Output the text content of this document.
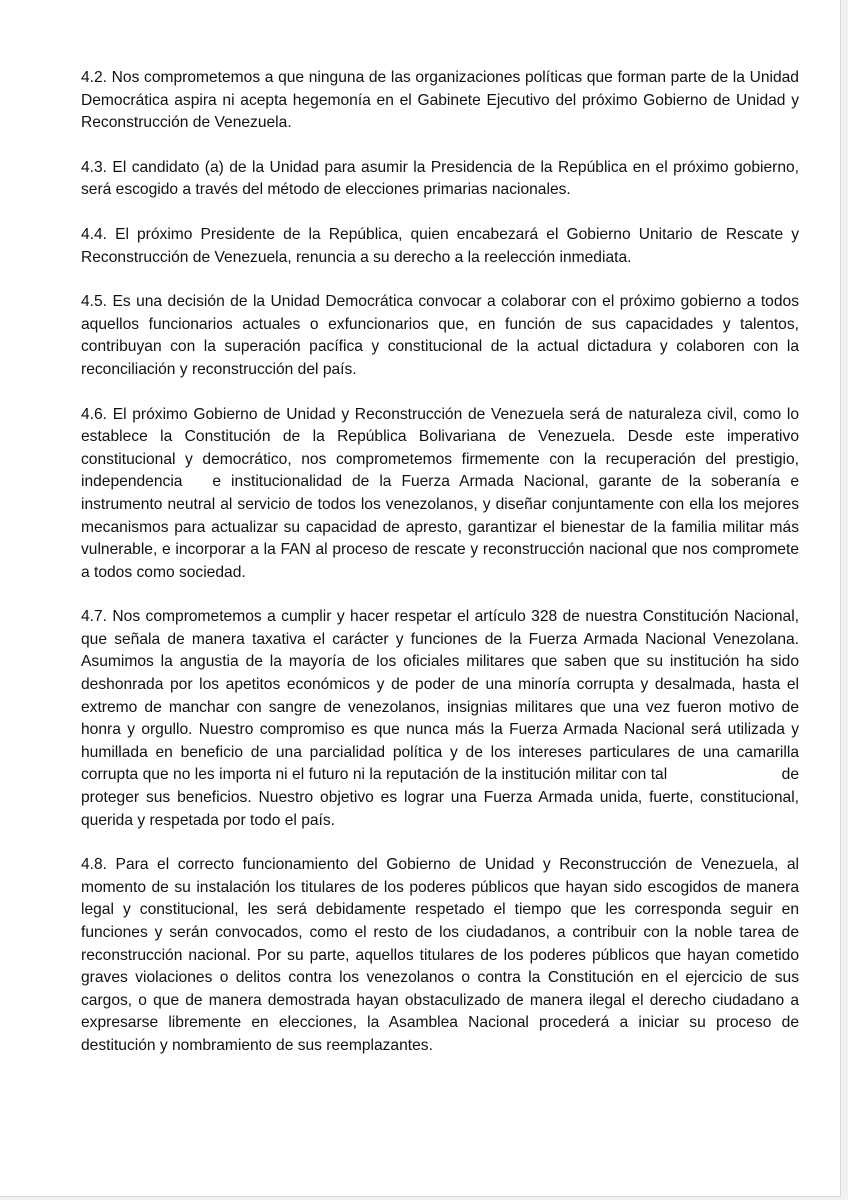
4.2. Nos comprometemos a que ninguna de las organizaciones políticas que forman parte de la Unidad Democrática aspira ni acepta hegemonía en el Gabinete Ejecutivo del próximo Gobierno de Unidad y Reconstrucción de Venezuela.

4.3. El candidato (a) de la Unidad para asumir la Presidencia de la República en el próximo gobierno, será escogido a través del método de elecciones primarias nacionales.

4.4. El próximo Presidente de la República, quien encabezará el Gobierno Unitario de Rescate y Reconstrucción de Venezuela, renuncia a su derecho a la reelección inmediata.

4.5. Es una decisión de la Unidad Democrática convocar a colaborar con el próximo gobierno a todos aquellos funcionarios actuales o exfuncionarios que, en función de sus capacidades y talentos, contribuyan con la superación pacífica y constitucional de la actual dictadura y colaboren con la reconciliación y reconstrucción del país.

4.6. El próximo Gobierno de Unidad y Reconstrucción de Venezuela será de naturaleza civil, como lo establece la Constitución de la República Bolivariana de Venezuela. Desde este imperativo constitucional y democrático, nos comprometemos firmemente con la recuperación del prestigio, independencia   e institucionalidad de la Fuerza Armada Nacional, garante de la soberanía e instrumento neutral al servicio de todos los venezolanos, y diseñar conjuntamente con ella los mejores mecanismos para actualizar su capacidad de apresto, garantizar el bienestar de la familia militar más vulnerable, e incorporar a la FAN al proceso de rescate y reconstrucción nacional que nos compromete a todos como sociedad.

4.7. Nos comprometemos a cumplir y hacer respetar el artículo 328 de nuestra Constitución Nacional, que señala de manera taxativa el carácter y funciones de la Fuerza Armada Nacional Venezolana. Asumimos la angustia de la mayoría de los oficiales militares que saben que su institución ha sido deshonrada por los apetitos económicos y de poder de una minoría corrupta y desalmada, hasta el extremo de manchar con sangre de venezolanos, insignias militares que una vez fueron motivo de honra y orgullo. Nuestro compromiso es que nunca más la Fuerza Armada Nacional será utilizada y humillada en beneficio de una parcialidad política y de los intereses particulares de una camarilla corrupta que no les importa ni el futuro ni la reputación de la institución militar con tal                          de proteger sus beneficios. Nuestro objetivo es lograr una Fuerza Armada unida, fuerte, constitucional, querida y respetada por todo el país.

4.8. Para el correcto funcionamiento del Gobierno de Unidad y Reconstrucción de Venezuela, al momento de su instalación los titulares de los poderes públicos que hayan sido escogidos de manera legal y constitucional, les será debidamente respetado el tiempo que les corresponda seguir en funciones y serán convocados, como el resto de los ciudadanos, a contribuir con la noble tarea de reconstrucción nacional. Por su parte, aquellos titulares de los poderes públicos que hayan cometido graves violaciones o delitos contra los venezolanos o contra la Constitución en el ejercicio de sus cargos, o que de manera demostrada hayan obstaculizado de manera ilegal el derecho ciudadano a expresarse libremente en elecciones, la Asamblea Nacional procederá a iniciar su proceso de destitución y nombramiento de sus reemplazantes.
